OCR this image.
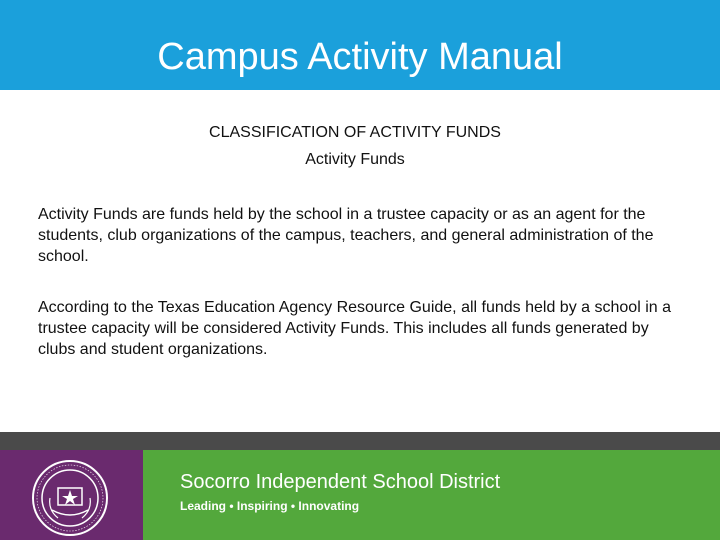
Campus Activity Manual
CLASSIFICATION OF ACTIVITY FUNDS
Activity Funds

Activity Funds are funds held by the school in a trustee capacity or as an agent for the students, club organizations of the campus, teachers, and general administration of the school.

According to the Texas Education Agency Resource Guide, all funds held by a school in a trustee capacity will be considered Activity Funds. This includes all funds generated by clubs and student organizations.

Socorro Independent School District
Leading • Inspiring • Innovating
